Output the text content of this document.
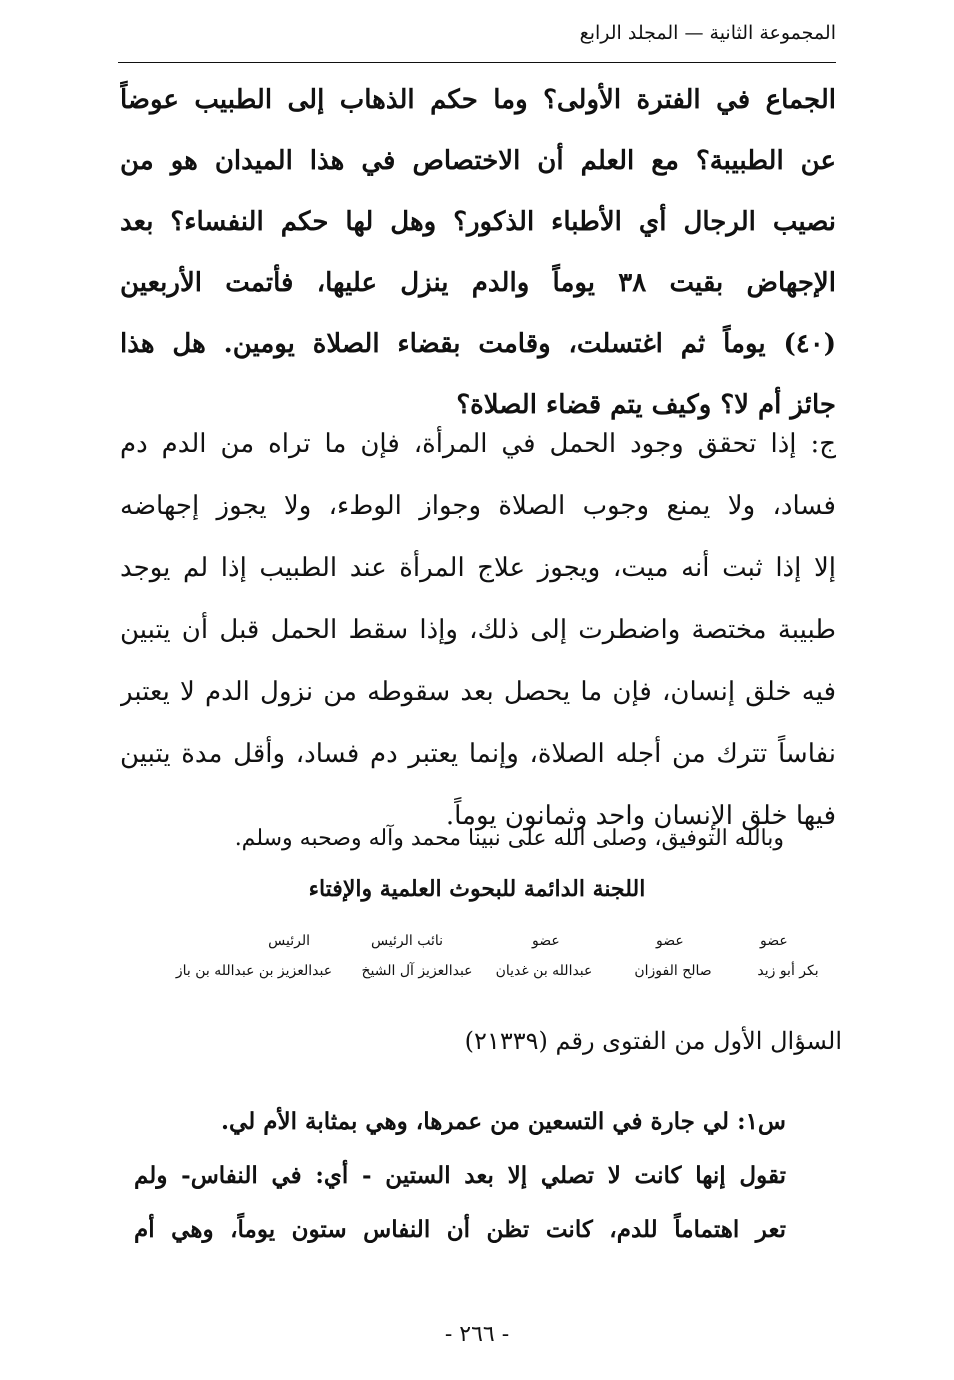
المجموعة الثانية — المجلد الرابع
الجماع في الفترة الأولى؟ وما حكم الذهاب إلى الطبيب عوضاً
عن الطبيبة؟ مع العلم أن الاختصاص في هذا الميدان هو من
نصيب الرجال أي الأطباء الذكور؟ وهل لها حكم النفساء؟ بعد
الإجهاض بقيت ٣٨ يوماً والدم ينزل عليها، فأتمت الأربعين
(٤٠) يوماً ثم اغتسلت، وقامت بقضاء الصلاة يومين. هل هذا
جائز أم لا؟ وكيف يتم قضاء الصلاة؟
ج: إذا تحقق وجود الحمل في المرأة، فإن ما تراه من الدم دم
فساد، ولا يمنع وجوب الصلاة وجواز الوطء، ولا يجوز إجهاضه
إلا إذا ثبت أنه ميت، ويجوز علاج المرأة عند الطبيب إذا لم يوجد
طبيبة مختصة واضطرت إلى ذلك، وإذا سقط الحمل قبل أن يتبين
فيه خلق إنسان، فإن ما يحصل بعد سقوطه من نزول الدم لا يعتبر
نفاساً تترك من أجله الصلاة، وإنما يعتبر دم فساد، وأقل مدة يتبين
فيها خلق الإنسان واحد وثمانون يوماً.
وبالله التوفيق، وصلى الله على نبينا محمد وآله وصحبه وسلم.
اللجنة الدائمة للبحوث العلمية والإفتاء
عضو
بكر أبو زيد
عضو
صالح الفوزان
عضو
عبدالله بن غديان
نائب الرئيس
عبدالعزيز آل الشيخ
الرئيس
عبدالعزيز بن عبدالله بن باز
السؤال الأول من الفتوى رقم (٢١٣٣٩)
س١: لي جارة في التسعين من عمرها، وهي بمثابة الأم لي.
تقول إنها كانت لا تصلي إلا بعد الستين - أي: في النفاس- ولم
تعر اهتماماً للدم، كانت تظن أن النفاس ستون يوماً، وهي أم
- ٢٦٦ -
